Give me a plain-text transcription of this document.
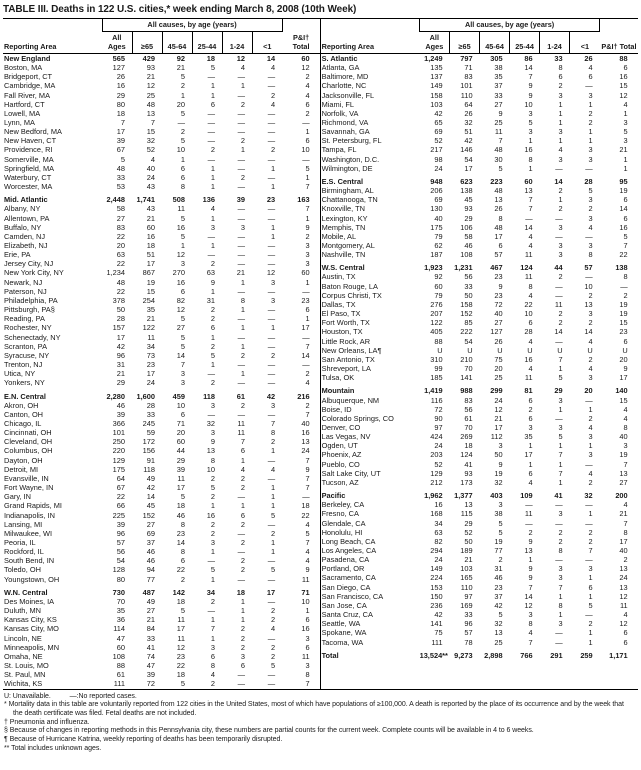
TABLE III. Deaths in 122 U.S. cities,* week ending March 8, 2008 (10th Week)
Reporting Area	All causes, by age (years)						P&I† Total
	All Ages	≥65	45-64	25-44	1-24	<1	
New England	565	429	92	18	12	14	60
Boston, MA	127	93	21	5	4	4	12
Bridgeport, CT	26	21	5	—	—	—	2
Cambridge, MA	16	12	2	1	1	—	4
Fall River, MA	29	25	1	1	—	2	4
Hartford, CT	80	48	20	6	2	4	6
Lowell, MA	18	13	5	—	—	—	2
Lynn, MA	7	7	—	—	—	—	—
New Bedford, MA	17	15	2	—	—	—	1
New Haven, CT	39	32	5	—	2	—	6
Providence, RI	67	52	10	2	1	2	10
Somerville, MA	5	4	1	—	—	—	—
Springfield, MA	48	40	6	1	—	1	5
Waterbury, CT	33	24	6	1	2	—	1
Worcester, MA	53	43	8	1	—	1	7

Mid. Atlantic	2,448	1,741	508	136	39	23	163
Albany, NY	58	43	11	4	—	—	7
Allentown, PA	27	21	5	1	—	—	1
Buffalo, NY	83	60	16	3	3	1	9
Camden, NJ	22	16	5	—	—	1	2
Elizabeth, NJ	20	18	1	1	—	—	3
Erie, PA	63	51	12	—	—	—	3
Jersey City, NJ	22	17	3	2	—	—	3
New York City, NY	1,234	867	270	63	21	12	60
Newark, NJ	48	19	16	9	1	3	1
Paterson, NJ	22	15	6	1	—	—	—
Philadelphia, PA	378	254	82	31	8	3	23
Pittsburgh, PA§	50	35	12	2	1	—	6
Reading, PA	28	21	5	2	—	—	1
Rochester, NY	157	122	27	6	1	1	17
Schenectady, NY	17	11	5	1	—	—	—
Scranton, PA	42	34	5	2	1	—	7
Syracuse, NY	96	73	14	5	2	2	14
Trenton, NJ	31	23	7	1	—	—	—
Utica, NY	21	17	3	—	1	—	2
Yonkers, NY	29	24	3	2	—	—	4

E.N. Central	2,280	1,600	459	118	61	42	216
Akron, OH	46	28	10	3	2	3	2
Canton, OH	39	33	6	—	—	—	7
Chicago, IL	366	245	71	32	11	7	40
Cincinnati, OH	101	59	20	3	11	8	16
Cleveland, OH	250	172	60	9	7	2	13
Columbus, OH	220	156	44	13	6	1	24
Dayton, OH	129	91	29	8	1	—	7
Detroit, MI	175	118	39	10	4	4	9
Evansville, IN	64	49	11	2	2	—	7
Fort Wayne, IN	67	42	17	5	2	1	7
Gary, IN	22	14	5	2	—	1	—
Grand Rapids, MI	66	45	18	1	1	1	18
Indianapolis, IN	225	152	46	16	6	5	22
Lansing, MI	39	27	8	2	2	—	4
Milwaukee, WI	96	69	23	2	—	2	5
Peoria, IL	57	37	14	3	2	1	7
Rockford, IL	56	46	8	1	—	1	4
South Bend, IN	54	46	6	—	2	—	4
Toledo, OH	128	94	22	5	2	5	9
Youngstown, OH	80	77	2	1	—	—	11

W.N. Central	730	487	142	34	18	17	71
Des Moines, IA	70	49	18	2	1	—	10
Duluth, MN	35	27	5	—	1	2	1
Kansas City, KS	36	21	11	1	1	2	6
Kansas City, MO	114	84	17	7	2	4	16
Lincoln, NE	47	33	11	1	2	—	3
Minneapolis, MN	60	41	12	3	2	2	6
Omaha, NE	108	74	23	6	3	2	11
St. Louis, MO	88	47	22	8	6	5	3
St. Paul, MN	61	39	18	4	—	—	8
Wichita, KS	111	72	5	2	—	—	7
Reporting Area	All causes, by age (years)						P&I† Total
	All Ages	≥65	45-64	25-44	1-24	<1	
S. Atlantic	1,249	797	305	86	33	26	88
Atlanta, GA	135	71	38	14	8	4	6
Baltimore, MD	137	83	35	7	6	6	16
Charlotte, NC	149	101	37	9	2	—	15
Jacksonville, FL	158	110	33	9	3	3	12
Miami, FL	103	64	27	10	1	1	4
Norfolk, VA	42	26	9	3	1	2	1
Richmond, VA	65	32	25	5	1	2	3
Savannah, GA	69	51	11	3	3	1	5
St. Petersburg, FL	52	42	7	1	1	1	3
Tampa, FL	217	146	48	16	4	3	21
Washington, D.C.	98	54	30	8	3	3	1
Wilmington, DE	24	17	5	1	—	—	1

E.S. Central	948	623	223	60	14	28	95
Birmingham, AL	206	138	48	13	2	5	19
Chattanooga, TN	69	45	13	7	1	3	6
Knoxville, TN	130	93	26	7	2	2	14
Lexington, KY	40	29	8	—	—	3	6
Memphis, TN	175	106	48	14	3	4	16
Mobile, AL	79	58	17	4	—	—	5
Montgomery, AL	62	46	6	4	3	3	7
Nashville, TN	187	108	57	11	3	8	22

W.S. Central	1,923	1,231	467	124	44	57	138
Austin, TX	92	56	23	11	2	—	8
Baton Rouge, LA	60	33	9	8	—	10	—
Corpus Christi, TX	79	50	23	4	—	2	2
Dallas, TX	276	158	72	22	11	13	19
El Paso, TX	207	152	40	10	2	3	19
Fort Worth, TX	122	85	27	6	2	2	15
Houston, TX	405	222	127	28	14	14	23
Little Rock, AR	88	54	26	4	—	4	6
New Orleans, LA¶	U	U	U	U	U	U	U
San Antonio, TX	310	210	75	16	7	2	20
Shreveport, LA	99	70	20	4	1	4	9
Tulsa, OK	185	141	25	11	5	3	17

Mountain	1,419	988	299	81	29	20	140
Albuquerque, NM	116	83	24	6	3	—	15
Boise, ID	72	56	12	2	1	1	4
Colorado Springs, CO	90	61	21	6	—	2	4
Denver, CO	97	70	17	3	3	4	8
Las Vegas, NV	424	269	112	35	5	3	40
Ogden, UT	24	18	3	1	1	1	3
Phoenix, AZ	203	124	50	17	7	3	19
Pueblo, CO	52	41	9	1	1	—	7
Salt Lake City, UT	129	93	19	6	7	4	13
Tucson, AZ	212	173	32	4	1	2	27

Pacific	1,962	1,377	403	109	41	32	200
Berkeley, CA	16	13	3	—	—	—	4
Fresno, CA	168	115	38	11	3	1	21
Glendale, CA	34	29	5	—	—	—	7
Honolulu, HI	63	52	5	2	2	2	8
Long Beach, CA	82	50	19	9	2	2	17
Los Angeles, CA	294	189	77	13	8	7	40
Pasadena, CA	24	21	2	1	—	—	2
Portland, OR	149	103	31	9	3	3	13
Sacramento, CA	224	165	46	9	3	1	24
San Diego, CA	153	110	23	7	7	6	13
San Francisco, CA	150	97	37	14	1	1	12
San Jose, CA	236	169	42	12	8	5	11
Santa Cruz, CA	42	33	5	3	1	—	4
Seattle, WA	141	96	32	8	3	2	12
Spokane, WA	75	57	13	4	—	1	6
Tacoma, WA	111	78	25	7	—	1	6

Total	13,524**	9,273	2,898	766	291	259	1,171
U: Unavailable.          —:No reported cases.
* Mortality data in this table are voluntarily reported from 122 cities in the United States, most of which have populations of ≥100,000. A death is reported by the place of its occurrence and by the week that the death certificate was filed. Fetal deaths are not included.
† Pneumonia and influenza.
§ Because of changes in reporting methods in this Pennsylvania city, these numbers are partial counts for the current week. Complete counts will be available in 4 to 6 weeks.
¶ Because of Hurricane Katrina, weekly reporting of deaths has been temporarily disrupted.
** Total includes unknown ages.
